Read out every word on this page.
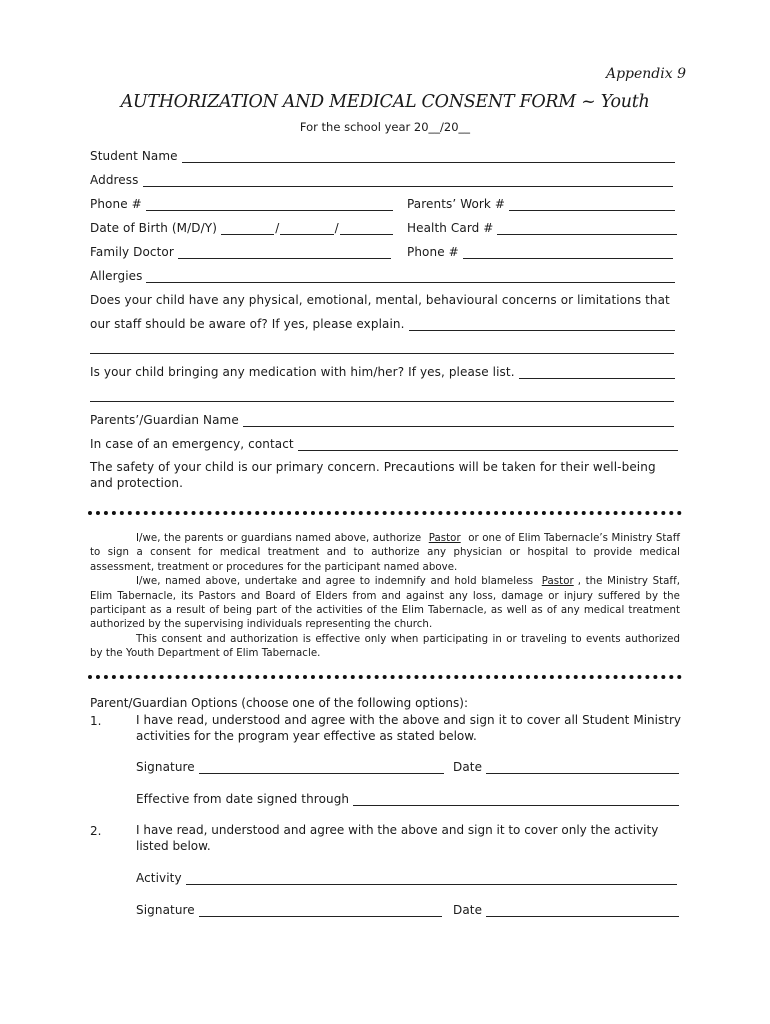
Appendix 9
AUTHORIZATION AND MEDICAL CONSENT FORM ~ Youth
For the school year 20__/20__
Student Name
Address
Phone #	Parents’ Work #
Date of Birth (M/D/Y)	/	/	Health Card #
Family Doctor	Phone #
Allergies
Does your child have any physical, emotional, mental, behavioural concerns or limitations that
our staff should be aware of? If yes, please explain.
Is your child bringing any medication with him/her? If yes, please list.
Parents’/Guardian Name
In case of an emergency, contact
The safety of your child is our primary concern. Precautions will be taken for their well-being and protection.

I/we, the parents or guardians named above, authorize Pastor or one of Elim Tabernacle’s Ministry Staff to sign a consent for medical treatment and to authorize any physician or hospital to provide medical assessment, treatment or procedures for the participant named above.

I/we, named above, undertake and agree to indemnify and hold blameless Pastor , the Ministry Staff, Elim Tabernacle, its Pastors and Board of Elders from and against any loss, damage or injury suffered by the participant as a result of being part of the activities of the Elim Tabernacle, as well as of any medical treatment authorized by the supervising individuals representing the church.

This consent and authorization is effective only when participating in or traveling to events authorized by the Youth Department of Elim Tabernacle.

Parent/Guardian Options (choose one of the following options):
1.	I have read, understood and agree with the above and sign it to cover all Student Ministry activities for the program year effective as stated below.
Signature	Date
Effective from date signed through
2.	I have read, understood and agree with the above and sign it to cover only the activity listed below.
Activity
Signature	Date
